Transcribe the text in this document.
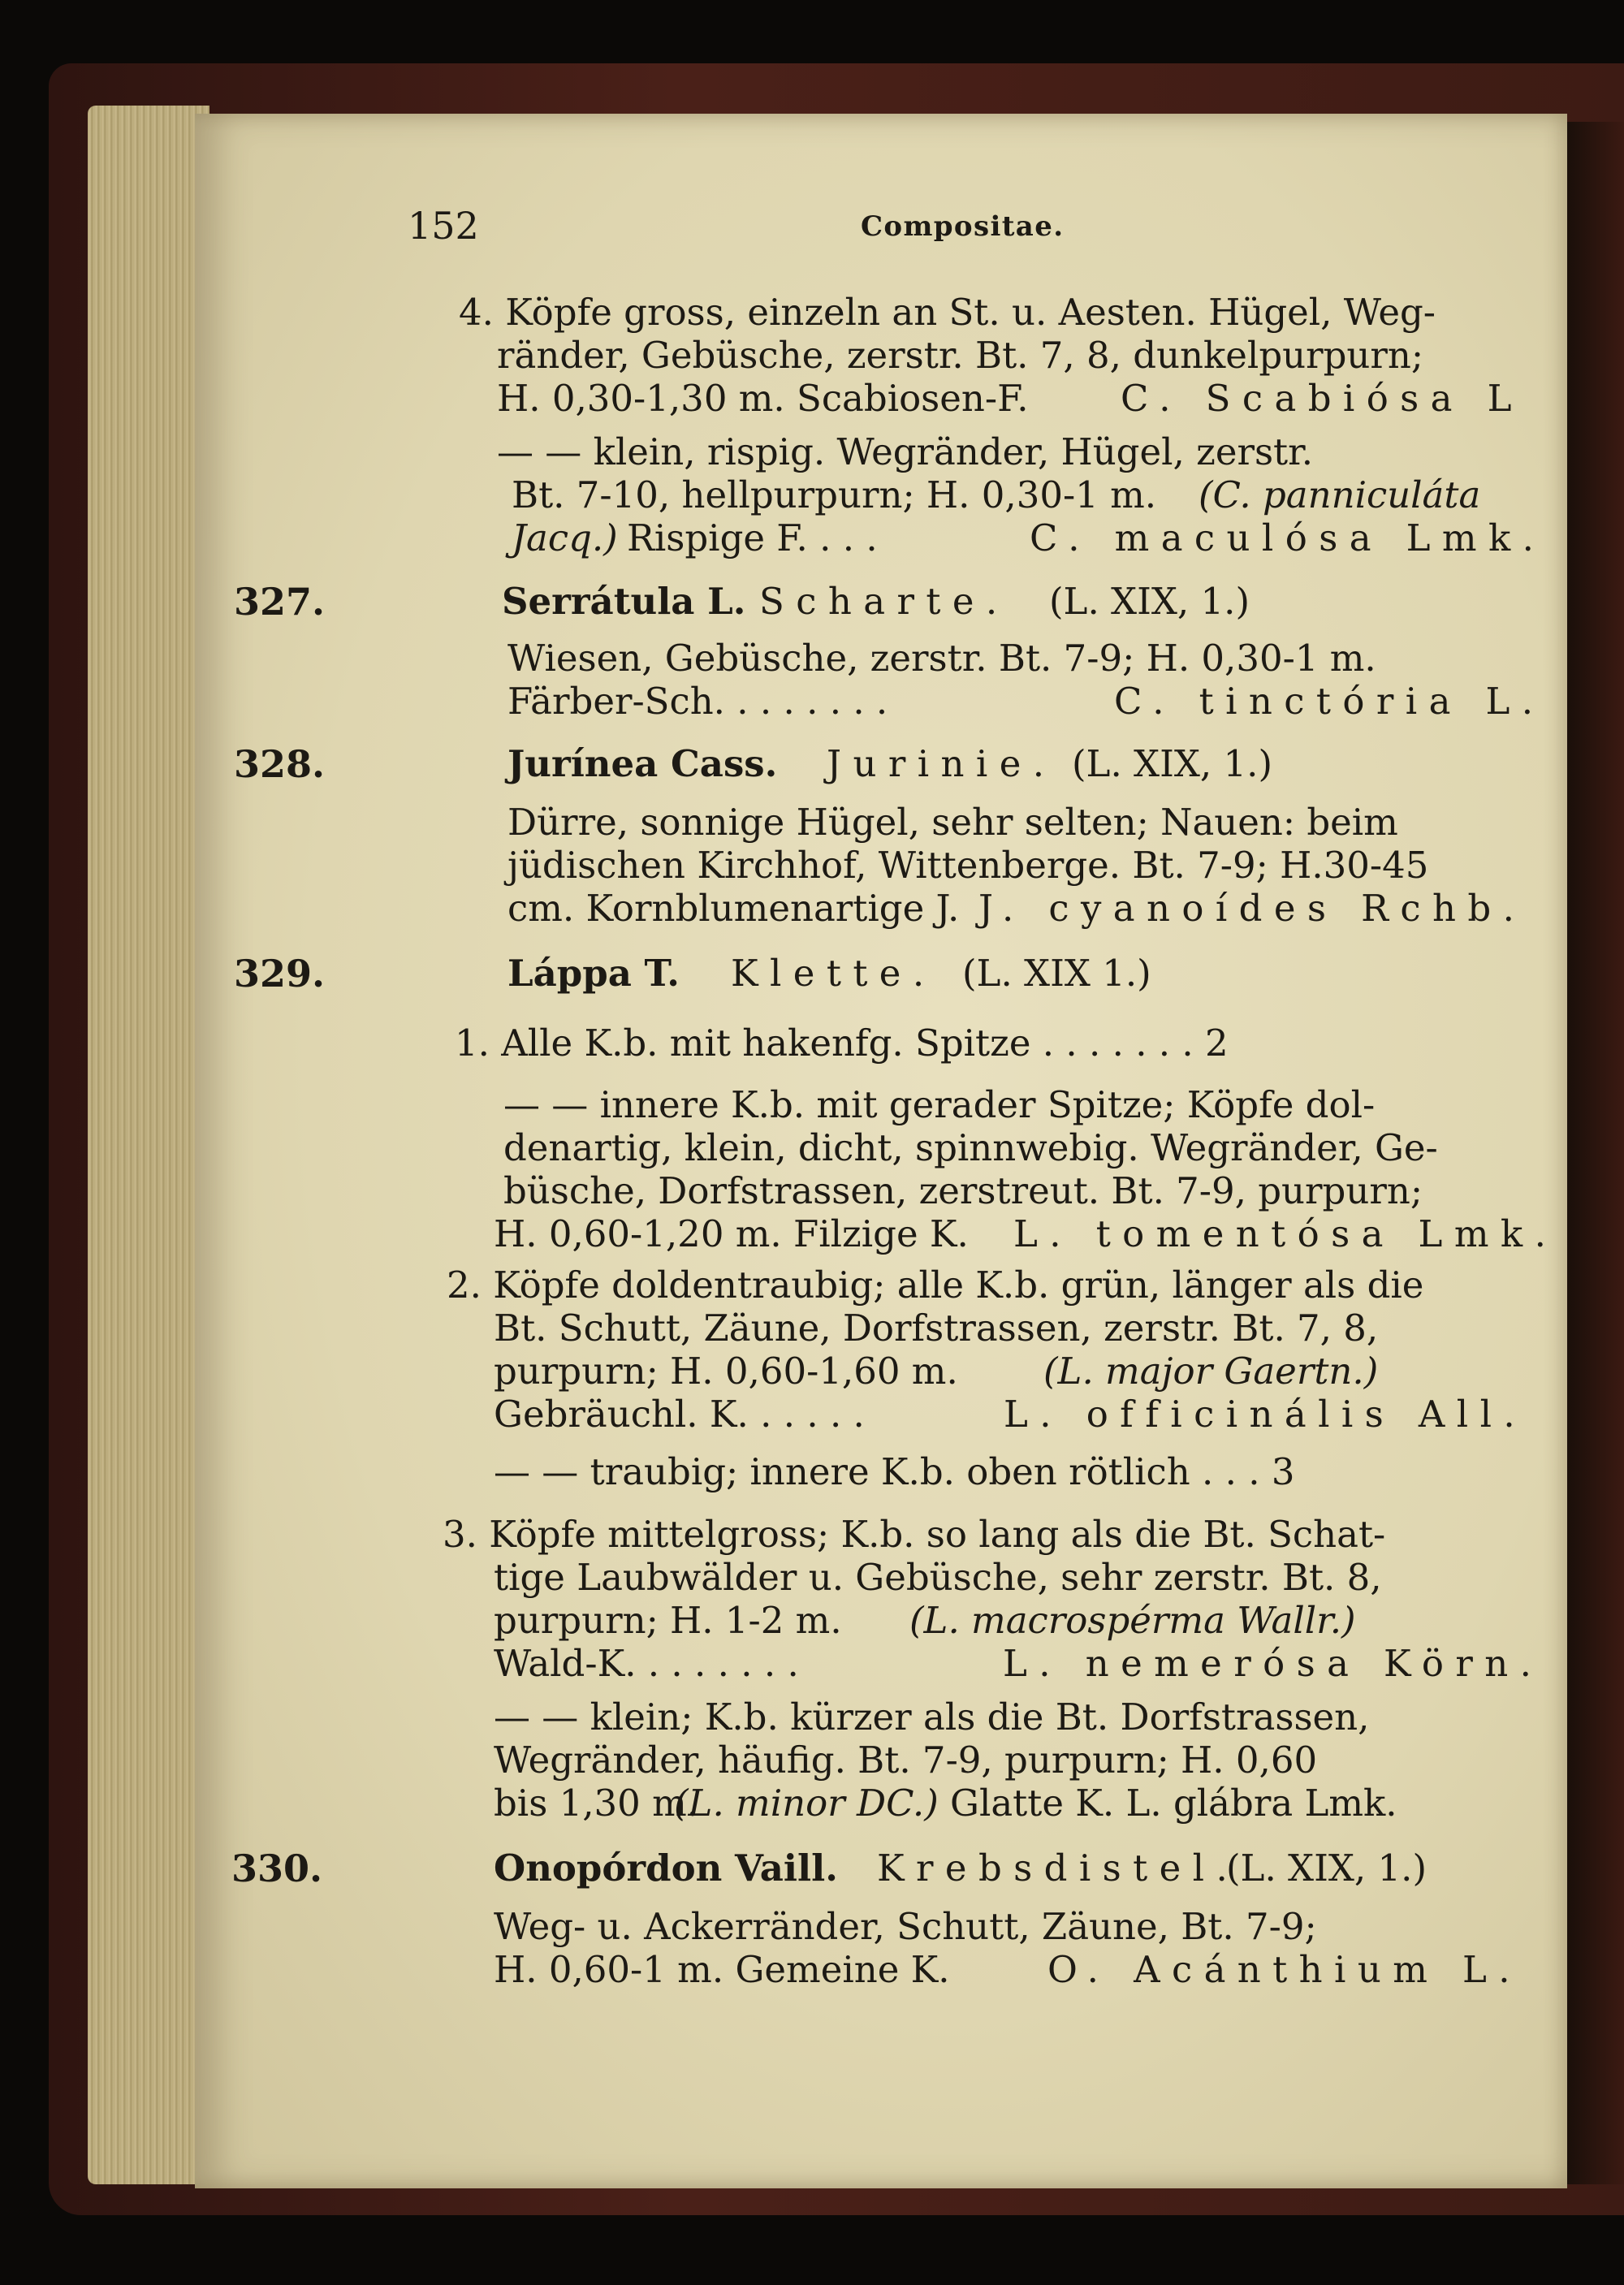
152	Compositae.
4. Köpfe gross, einzeln an St. u. Aesten. Hügel, Weg-
ränder, Gebüsche, zerstr. Bt. 7, 8, dunkelpurpurn;
H. 0,30-1,30 m. Scabiosen-F.	C. Scabiósa L
— — klein, rispig. Wegränder, Hügel, zerstr.
Bt. 7-10, hellpurpurn; H. 0,30-1 m. (C. panniculáta
Jacq.) Rispige F. . . .	C. maculósa Lmk.
327.	Serrátula L. Scharte. (L. XIX, 1.)
Wiesen, Gebüsche, zerstr. Bt. 7-9; H. 0,30-1 m.
Färber-Sch. . . . . . . .	C. tinctória L.
328.	Jurínea Cass. Jurinie. (L. XIX, 1.)
Dürre, sonnige Hügel, sehr selten; Nauen: beim
jüdischen Kirchhof, Wittenberge. Bt. 7-9; H.30-45
cm. Kornblumenartige J. J. cyanoídes Rchb.
329.	Láppa T. Klette. (L. XIX 1.)
1. Alle K.b. mit hakenfg. Spitze . . . . . . . 2
— — innere K.b. mit gerader Spitze; Köpfe dol-
denartig, klein, dicht, spinnwebig. Wegränder, Ge-
büsche, Dorfstrassen, zerstreut. Bt. 7-9, purpurn;
H. 0,60-1,20 m. Filzige K. L. tomentósa Lmk.
2. Köpfe doldentraubig; alle K.b. grün, länger als die
Bt. Schutt, Zäune, Dorfstrassen, zerstr. Bt. 7, 8,
purpurn; H. 0,60-1,60 m. (L. major Gaertn.)
Gebräuchl. K. . . . . .	L. officinális All.
— — traubig; innere K.b. oben rötlich . . . 3
3. Köpfe mittelgross; K.b. so lang als die Bt. Schat-
tige Laubwälder u. Gebüsche, sehr zerstr. Bt. 8,
purpurn; H. 1-2 m. (L. macrospérma Wallr.)
Wald-K. . . . . . . .	L. nemerósa Körn.
— — klein; K.b. kürzer als die Bt. Dorfstrassen,
Wegränder, häufig. Bt. 7-9, purpurn; H. 0,60
bis 1,30 m.
(L. minor DC.) Glatte K. L. glábra Lmk.
330.	Onopórdon Vaill. Krebsdistel.
(L. XIX, 1.)
Weg- u. Ackerränder, Schutt, Zäune, Bt. 7-9;
H. 0,60-1 m. Gemeine K.	O. Acánthium L.
